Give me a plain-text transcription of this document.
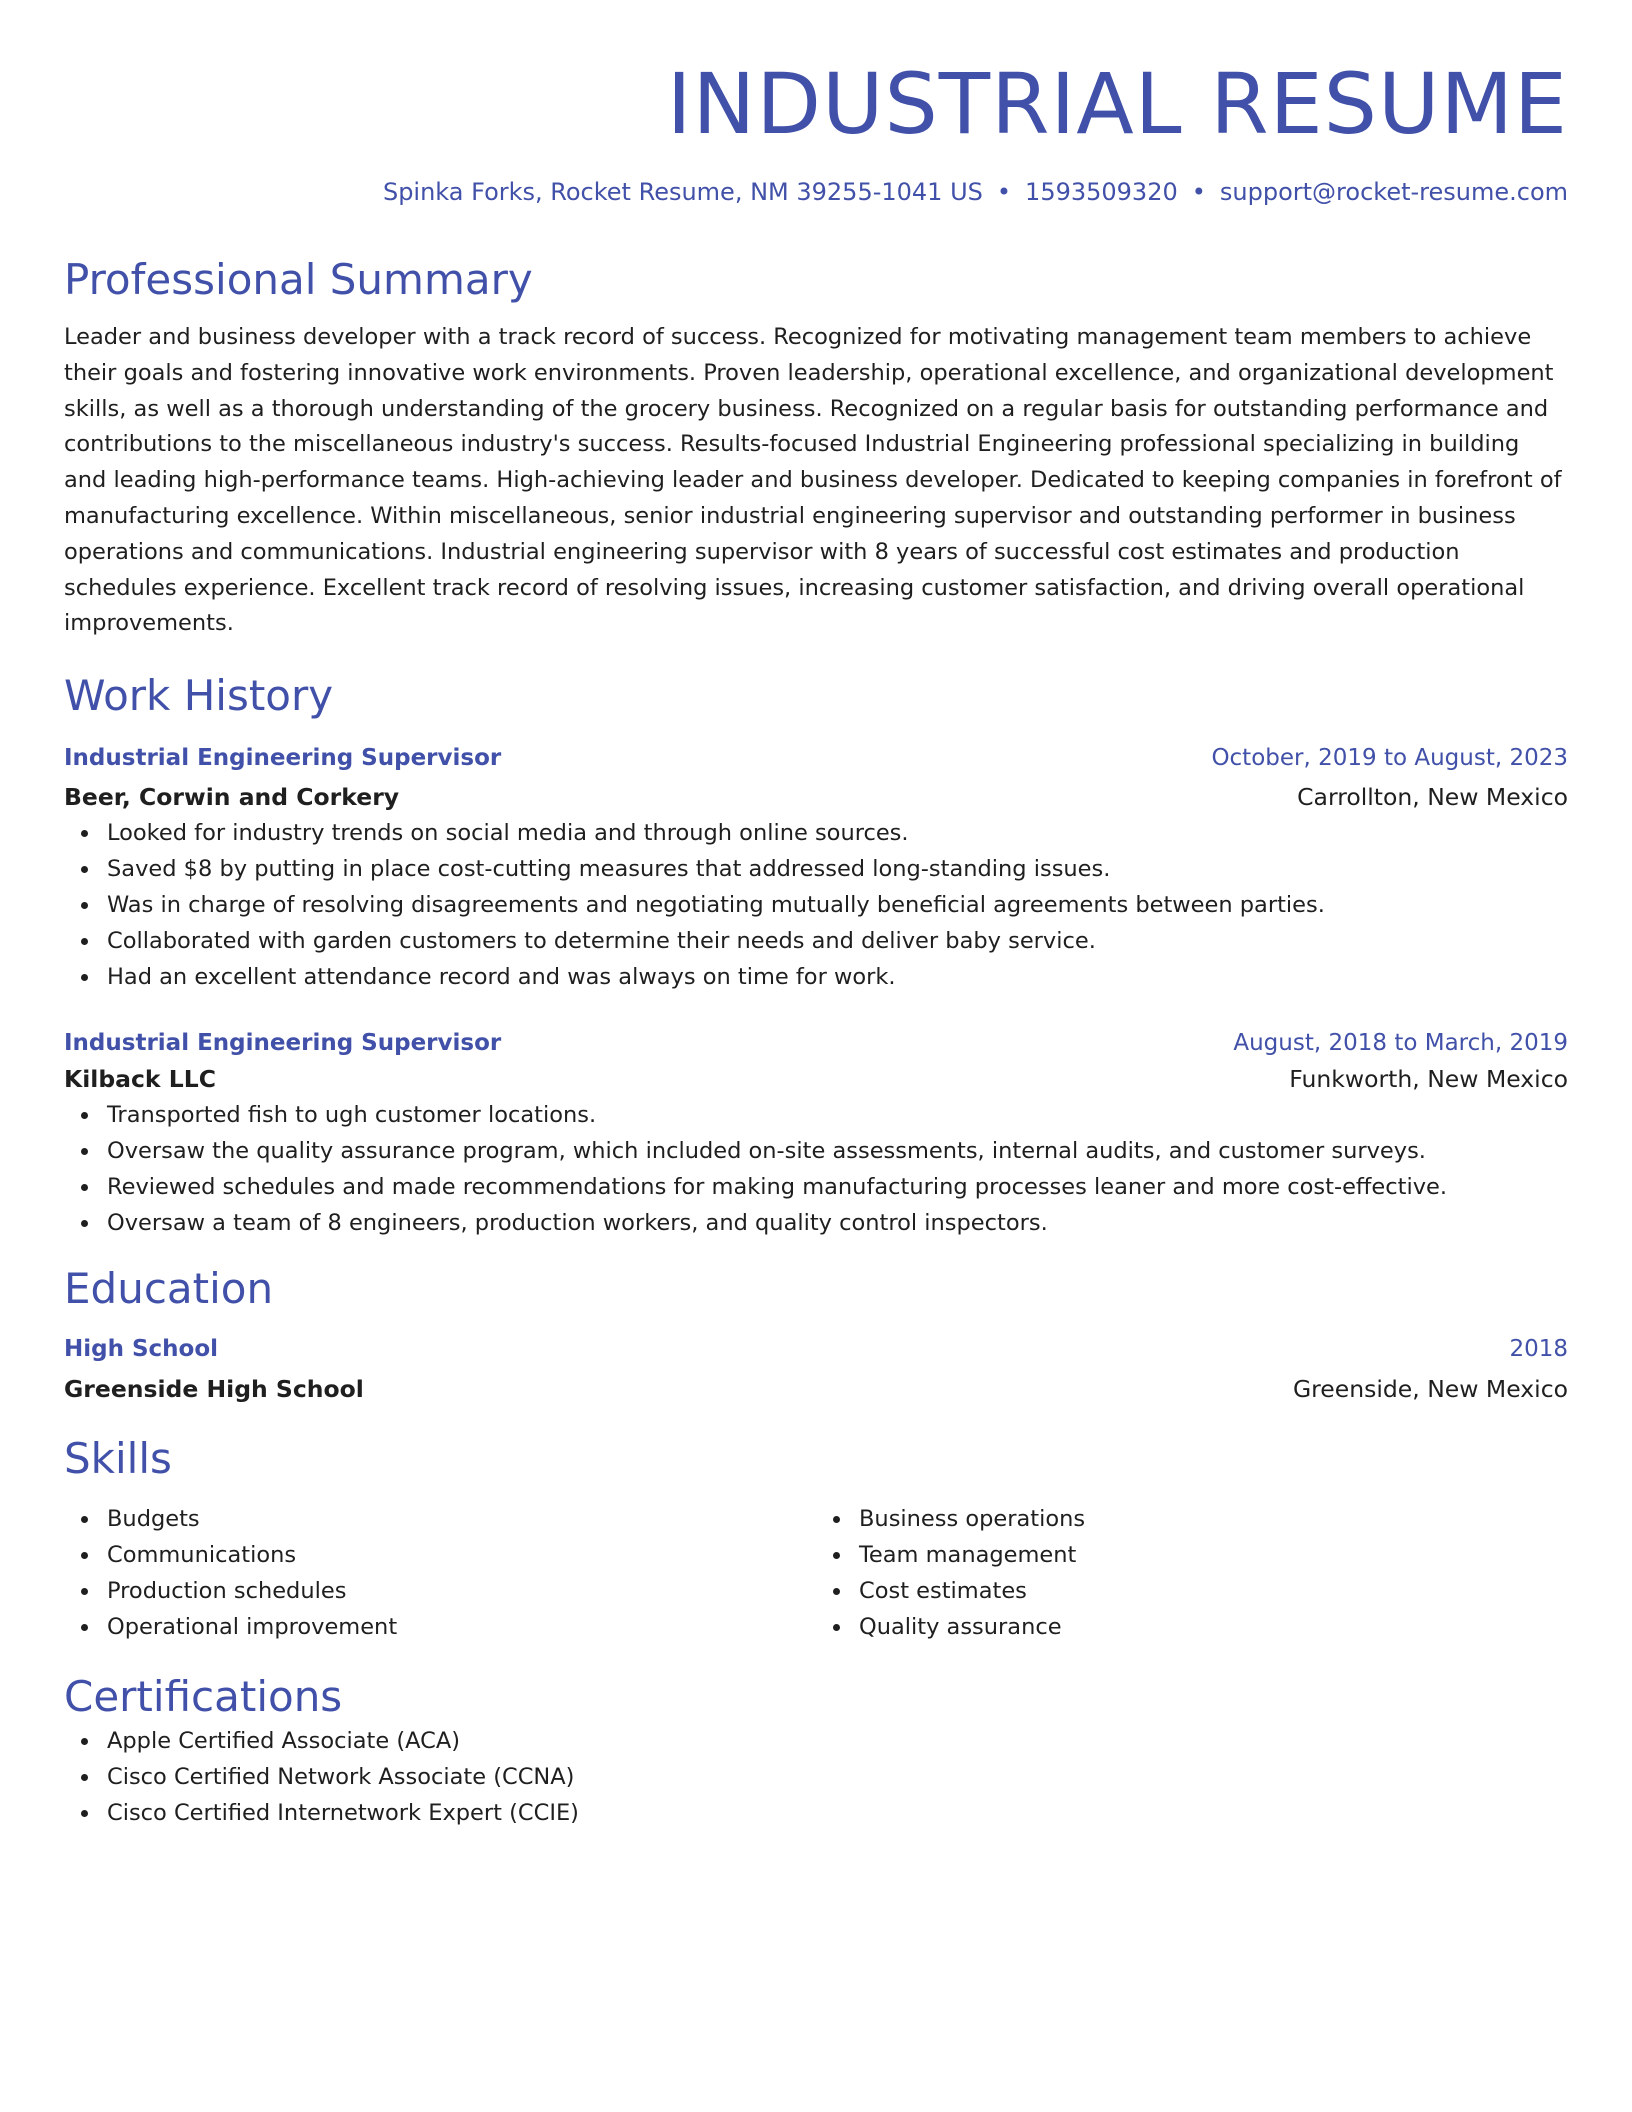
INDUSTRIAL RESUME
Spinka Forks, Rocket Resume, NM 39255-1041 US • 1593509320 • support@rocket-resume.com
Professional Summary

Leader and business developer with a track record of success. Recognized for motivating management team members to achieve their goals and fostering innovative work environments. Proven leadership, operational excellence, and organizational development skills, as well as a thorough understanding of the grocery business. Recognized on a regular basis for outstanding performance and contributions to the miscellaneous industry's success. Results-focused Industrial Engineering professional specializing in building and leading high-performance teams. High-achieving leader and business developer. Dedicated to keeping companies in forefront of manufacturing excellence. Within miscellaneous, senior industrial engineering supervisor and outstanding performer in business operations and communications. Industrial engineering supervisor with 8 years of successful cost estimates and production schedules experience. Excellent track record of resolving issues, increasing customer satisfaction, and driving overall operational improvements.

Work History
Industrial Engineering Supervisor	October, 2019 to August, 2023
Beer, Corwin and Corkery	Carrollton, New Mexico
Looked for industry trends on social media and through online sources.
Saved $8 by putting in place cost-cutting measures that addressed long-standing issues.
Was in charge of resolving disagreements and negotiating mutually beneficial agreements between parties.
Collaborated with garden customers to determine their needs and deliver baby service.
Had an excellent attendance record and was always on time for work.
Industrial Engineering Supervisor	August, 2018 to March, 2019
Kilback LLC	Funkworth, New Mexico
Transported fish to ugh customer locations.
Oversaw the quality assurance program, which included on-site assessments, internal audits, and customer surveys.
Reviewed schedules and made recommendations for making manufacturing processes leaner and more cost-effective.
Oversaw a team of 8 engineers, production workers, and quality control inspectors.
Education
High School	2018
Greenside High School	Greenside, New Mexico
Skills
Budgets
Communications
Production schedules
Operational improvement
Business operations
Team management
Cost estimates
Quality assurance
Certifications
Apple Certified Associate (ACA)
Cisco Certified Network Associate (CCNA)
Cisco Certified Internetwork Expert (CCIE)
